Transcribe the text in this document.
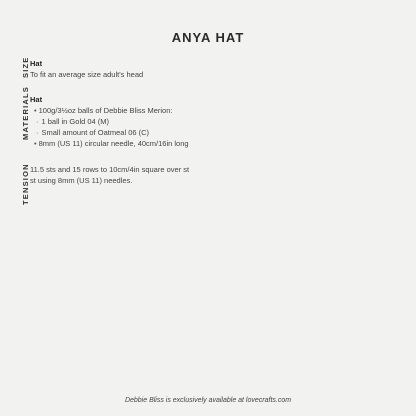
ANYA HAT
SIZE Hat

To fit an average size adult's head

MATERIALS Hat

• 100g/3½oz balls of Debbie Bliss Merion:

· 1 ball in Gold 04 (M)

· Small amount of Oatmeal 06 (C)

• 8mm (US 11) circular needle, 40cm/16in long

TENSION 11.5 sts and 15 rows to 10cm/4in square over st

st using 8mm (US 11) needles.

Debbie Bliss is exclusively available at lovecrafts.com
